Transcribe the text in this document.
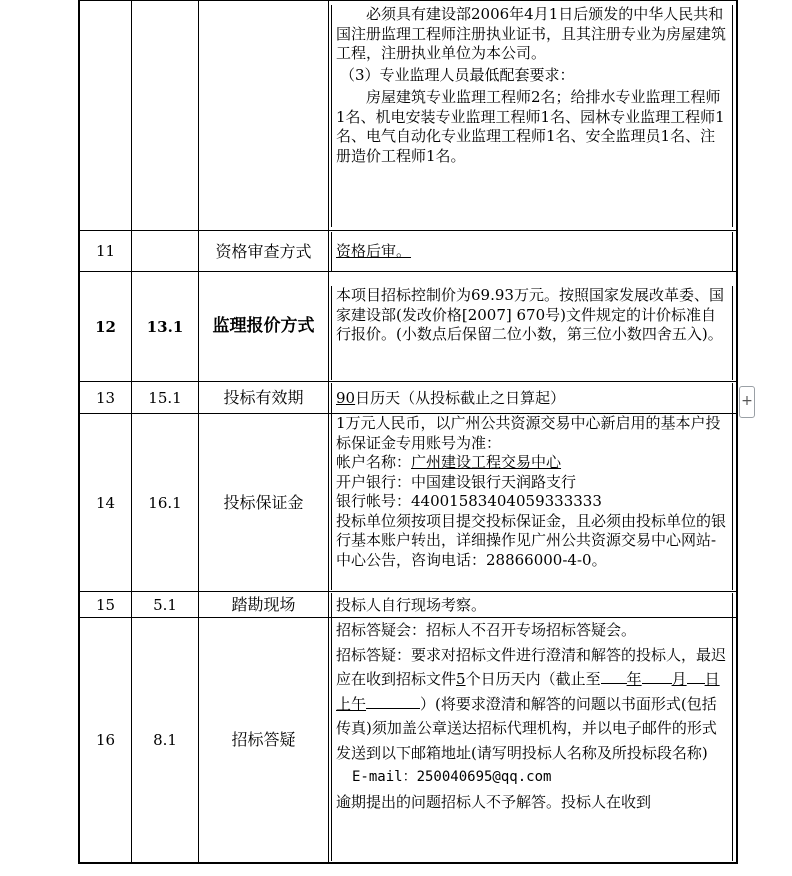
			必须具有建设部2006年4月1日后颁发的中华人民共和国注册监理工程师注册执业证书，且其注册专业为房屋建筑工程，注册执业单位为本公司。
（3）专业监理人员最低配套要求：
房屋建筑专业监理工程师2名；给排水专业监理工程师1名、机电安装专业监理工程师1名、园林专业监理工程师1名、电气自动化专业监理工程师1名、安全监理员1名、注册造价工程师1名。

11		资格审查方式	资格后审。

12	13.1	监理报价方式	本项目招标控制价为69.93万元。按照国家发展改革委、国家建设部(发改价格[2007] 670号)文件规定的计价标准自行报价。(小数点后保留二位小数，第三位小数四舍五入)。

13	15.1	投标有效期	90日历天（从投标截止之日算起）

14	16.1	投标保证金	1万元人民币，以广州公共资源交易中心新启用的基本户投标保证金专用账号为准：
帐户名称：广州建设工程交易中心
开户银行：中国建设银行天润路支行
银行帐号：44001583404059333333
投标单位须按项目提交投标保证金，且必须由投标单位的银行基本账户转出，详细操作见广州公共资源交易中心网站-中心公告，咨询电话：28866000-4-0。

15	5.1	踏勘现场	投标人自行现场考察。

16	8.1	招标答疑	招标答疑会：招标人不召开专场招标答疑会。
招标答疑：要求对招标文件进行澄清和解答的投标人，最迟应在收到招标文件5个日历天内（截止至 年 月 日上午 ）(将要求澄清和解答的问题以书面形式(包括传真)须加盖公章送达招标代理机构，并以电子邮件的形式发送到以下邮箱地址(请写明投标人名称及所投标段名称)
E-mail：250040695@qq.com
逾期提出的问题招标人不予解答。投标人在收到
+
